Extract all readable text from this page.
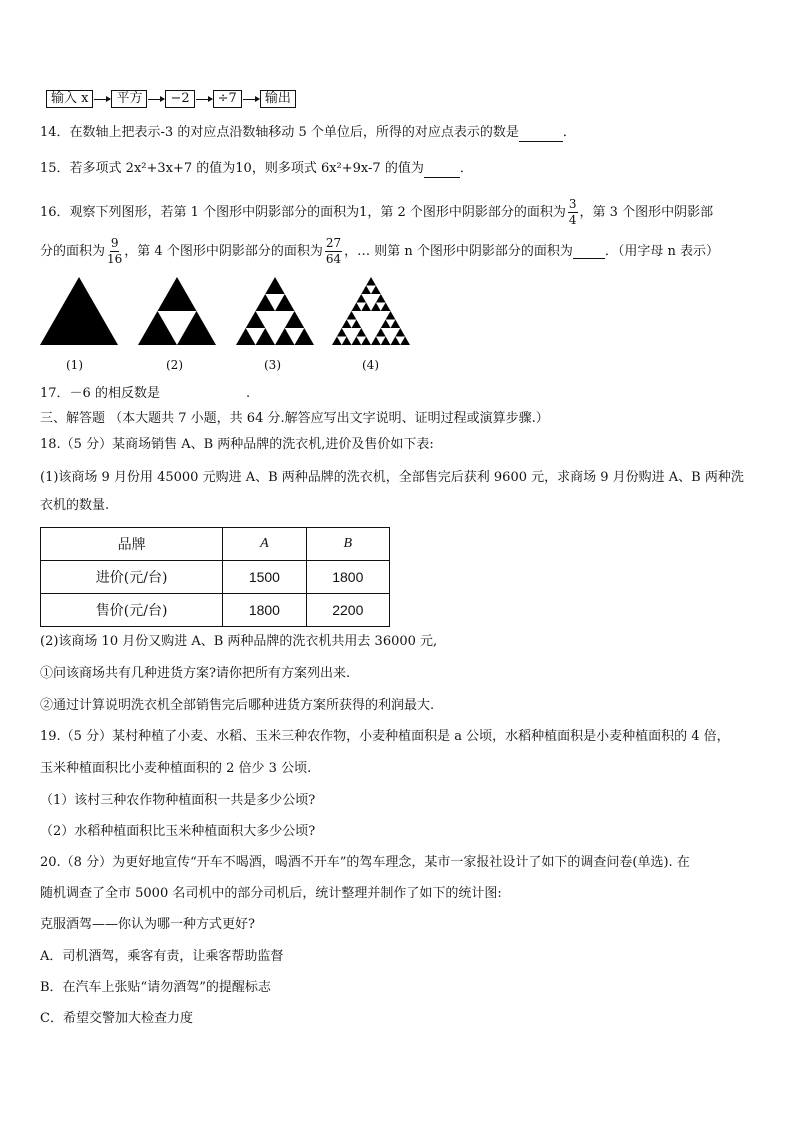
输入 x	平方	−2	÷7	输出
14．在数轴上把表示-3 的对应点沿数轴移动 5 个单位后，所得的对应点表示的数是	．
15．若多项式 2x²+3x+7 的值为10，则多项式 6x²+9x-7 的值为	．
16．观察下列图形，若第 1 个图形中阴影部分的面积为1，第 2 个图形中阴影部分的面积为 $\frac{3}{4}$ ，第 3 个图形中阴影部
分的面积为 $\frac{9}{16}$ ，第 4 个图形中阴影部分的面积为 $\frac{27}{64}$ ，… 则第 n 个图形中阴影部分的面积为 ．（用字母 n 表示）
(1)	(2)	(3)	(4)
17．－6 的相反数是	.
三、解答题 （本大题共 7 小题，共 64 分.解答应写出文字说明、证明过程或演算步骤.）
18.（5 分）某商场销售 A、B 两种品牌的洗衣机,进价及售价如下表:
(1)该商场 9 月份用 45000 元购进 A、B 两种品牌的洗衣机，全部售完后获利 9600 元，求商场 9 月份购进 A、B 两种洗
衣机的数量.
品牌	A	B
进价(元/台)	1500	1800
售价(元/台)	1800	2200
(2)该商场 10 月份又购进 A、B 两种品牌的洗衣机共用去 36000 元,
①问该商场共有几种进货方案?请你把所有方案列出来.
②通过计算说明洗衣机全部销售完后哪种进货方案所获得的利润最大.
19.（5 分）某村种植了小麦、水稻、玉米三种农作物，小麦种植面积是 a 公顷，水稻种植面积是小麦种植面积的 4 倍，
玉米种植面积比小麦种植面积的 2 倍少 3 公顷.
（1）该村三种农作物种植面积一共是多少公顷?
（2）水稻种植面积比玉米种植面积大多少公顷?
20.（8 分）为更好地宣传“开车不喝酒，喝酒不开车”的驾车理念，某市一家报社设计了如下的调查问卷(单选). 在
随机调查了全市 5000 名司机中的部分司机后，统计整理并制作了如下的统计图:
克服酒驾——你认为哪一种方式更好?
A．司机酒驾，乘客有责，让乘客帮助监督
B．在汽车上张贴“请勿酒驾”的提醒标志
C．希望交警加大检查力度
